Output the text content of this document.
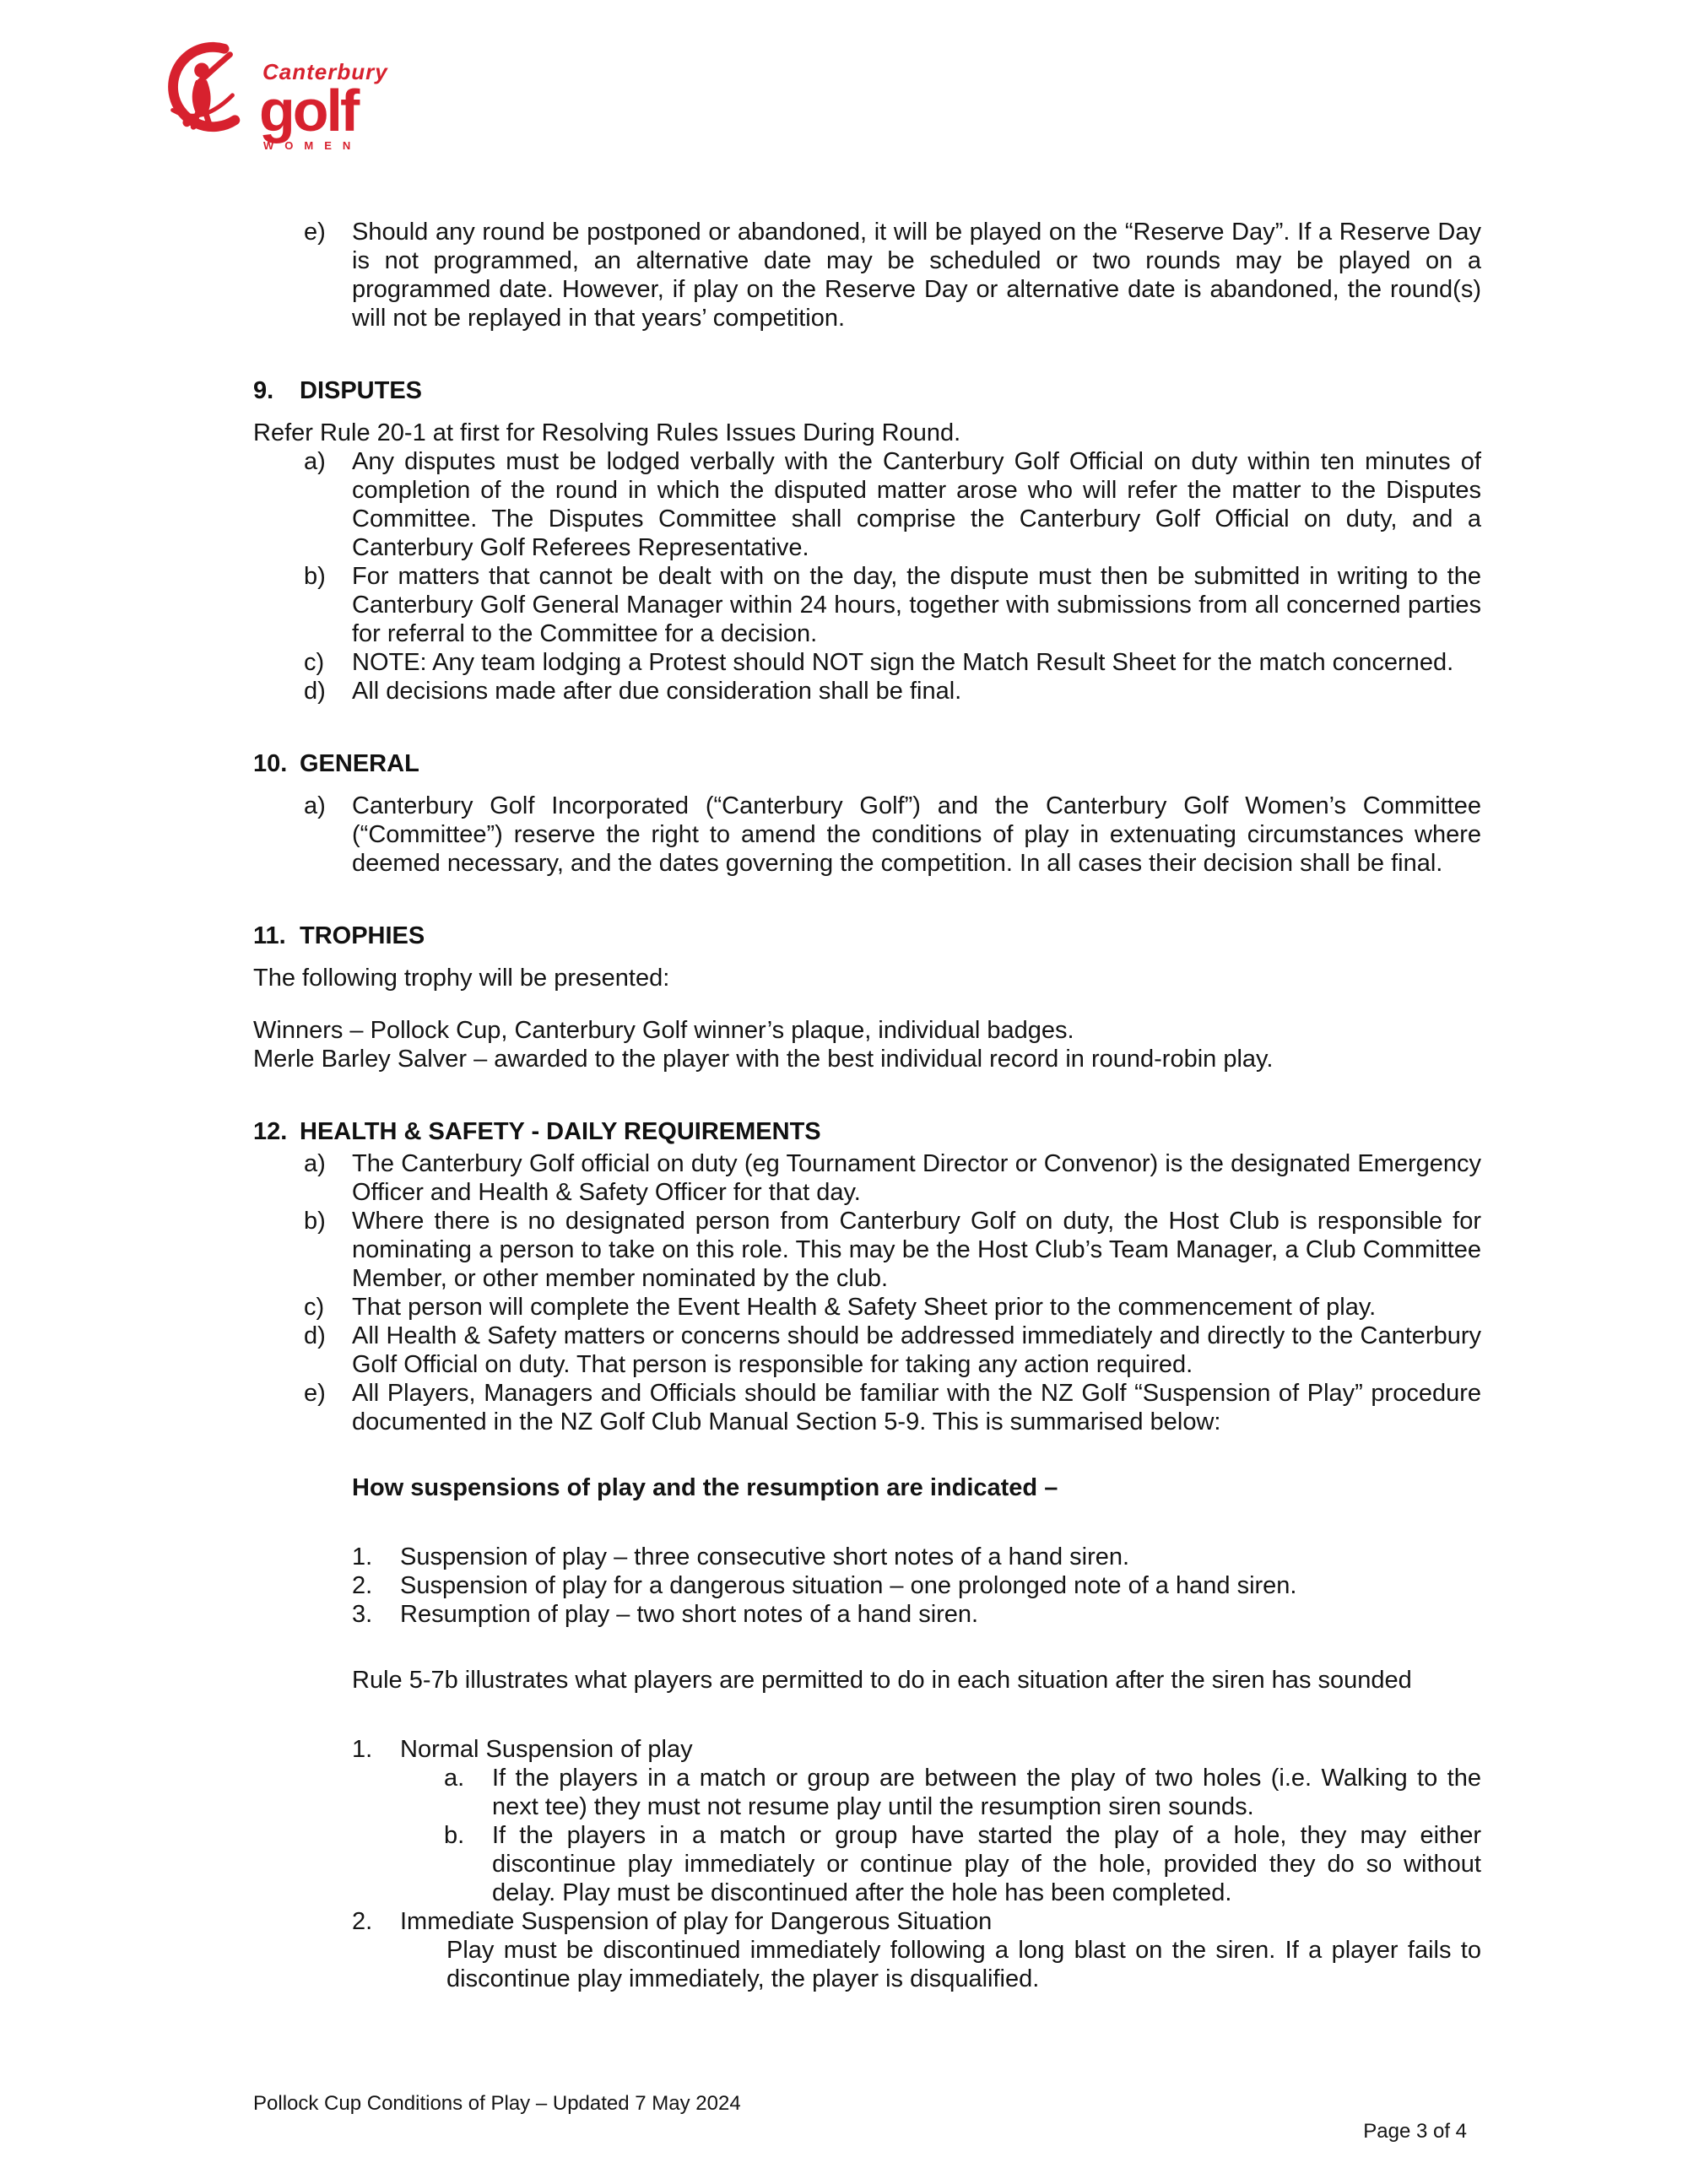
Canterbury
golf
WOMEN
e)	Should any round be postponed or abandoned, it will be played on the “Reserve Day”. If a Reserve Day is not programmed, an alternative date may be scheduled or two rounds may be played on a programmed date. However, if play on the Reserve Day or alternative date is abandoned, the round(s) will not be replayed in that years’ competition.
9.	DISPUTES

Refer Rule 20-1 at first for Resolving Rules Issues During Round.

a)	Any disputes must be lodged verbally with the Canterbury Golf Official on duty within ten minutes of completion of the round in which the disputed matter arose who will refer the matter to the Disputes Committee. The Disputes Committee shall comprise the Canterbury Golf Official on duty, and a Canterbury Golf Referees Representative.
b)	For matters that cannot be dealt with on the day, the dispute must then be submitted in writing to the Canterbury Golf General Manager within 24 hours, together with submissions from all concerned parties for referral to the Committee for a decision.
c)	NOTE: Any team lodging a Protest should NOT sign the Match Result Sheet for the match concerned.
d)	All decisions made after due consideration shall be final.
10. GENERAL
a)	Canterbury Golf Incorporated (“Canterbury Golf”) and the Canterbury Golf Women’s Committee (“Committee”) reserve the right to amend the conditions of play in extenuating circumstances where deemed necessary, and the dates governing the competition. In all cases their decision shall be final.
11. TROPHIES

The following trophy will be presented:

Winners – Pollock Cup, Canterbury Golf winner’s plaque, individual badges.
Merle Barley Salver – awarded to the player with the best individual record in round-robin play.
12. HEALTH & SAFETY - DAILY REQUIREMENTS
a)	The Canterbury Golf official on duty (eg Tournament Director or Convenor) is the designated Emergency Officer and Health & Safety Officer for that day.
b)	Where there is no designated person from Canterbury Golf on duty, the Host Club is responsible for nominating a person to take on this role. This may be the Host Club’s Team Manager, a Club Committee Member, or other member nominated by the club.
c)	That person will complete the Event Health & Safety Sheet prior to the commencement of play.
d)	All Health & Safety matters or concerns should be addressed immediately and directly to the Canterbury Golf Official on duty. That person is responsible for taking any action required.
e)	All Players, Managers and Officials should be familiar with the NZ Golf “Suspension of Play” procedure documented in the NZ Golf Club Manual Section 5-9. This is summarised below:

How suspensions of play and the resumption are indicated –

1.	Suspension of play – three consecutive short notes of a hand siren.
2.	Suspension of play for a dangerous situation – one prolonged note of a hand siren.
3.	Resumption of play – two short notes of a hand siren.

Rule 5-7b illustrates what players are permitted to do in each situation after the siren has sounded

1.	Normal Suspension of play
a.	If the players in a match or group are between the play of two holes (i.e. Walking to the next tee) they must not resume play until the resumption siren sounds.
b.	If the players in a match or group have started the play of a hole, they may either discontinue play immediately or continue play of the hole, provided they do so without delay. Play must be discontinued after the hole has been completed.
2.	Immediate Suspension of play for Dangerous Situation

Play must be discontinued immediately following a long blast on the siren. If a player fails to discontinue play immediately, the player is disqualified.

Pollock Cup Conditions of Play – Updated 7 May 2024
Page 3 of 4
